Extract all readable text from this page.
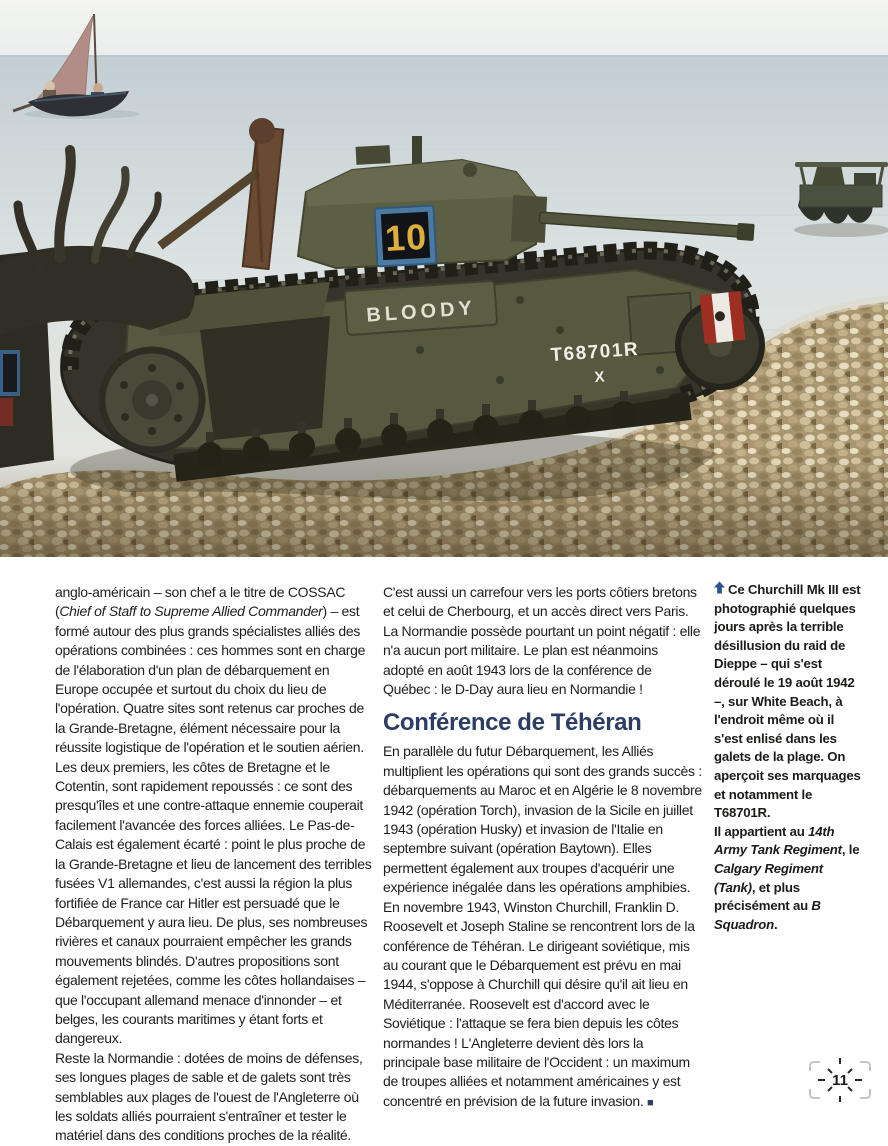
10
BLOODY
T68701R
X

anglo-américain – son chef a le titre de COSSAC (Chief of Staff to Supreme Allied Commander) – est formé autour des plus grands spécialistes alliés des opérations combinées : ces hommes sont en charge de l'élaboration d'un plan de débarquement en Europe occupée et surtout du choix du lieu de l'opération. Quatre sites sont retenus car proches de la Grande-Bretagne, élément nécessaire pour la réussite logistique de l'opération et le soutien aérien. Les deux premiers, les côtes de Bretagne et le Cotentin, sont rapidement repoussés : ce sont des presqu'îles et une contre-attaque ennemie couperait facilement l'avancée des forces alliées. Le Pas-de-Calais est également écarté : point le plus proche de la Grande-Bretagne et lieu de lancement des terribles fusées V1 allemandes, c'est aussi la région la plus fortifiée de France car Hitler est persuadé que le Débarquement y aura lieu. De plus, ses nombreuses rivières et canaux pourraient empêcher les grands mouvements blindés. D'autres propositions sont également rejetées, comme les côtes hollandaises – que l'occupant allemand menace d'innonder – et belges, les courants maritimes y étant forts et dangereux.

Reste la Normandie : dotées de moins de défenses, ses longues plages de sable et de galets sont très semblables aux plages de l'ouest de l'Angleterre où les soldats alliés pourraient s'entraîner et tester le matériel dans des conditions proches de la réalité.

C'est aussi un carrefour vers les ports côtiers bretons et celui de Cherbourg, et un accès direct vers Paris. La Normandie possède pourtant un point négatif : elle n'a aucun port militaire. Le plan est néanmoins adopté en août 1943 lors de la conférence de Québec : le D-Day aura lieu en Normandie !

Conférence de Téhéran

En parallèle du futur Débarquement, les Alliés multiplient les opérations qui sont des grands succès : débarquements au Maroc et en Algérie le 8 novembre 1942 (opération Torch), invasion de la Sicile en juillet 1943 (opération Husky) et invasion de l'Italie en septembre suivant (opération Baytown). Elles permettent également aux troupes d'acquérir une expérience inégalée dans les opérations amphibies. En novembre 1943, Winston Churchill, Franklin D. Roosevelt et Joseph Staline se rencontrent lors de la conférence de Téhéran. Le dirigeant soviétique, mis au courant que le Débarquement est prévu en mai 1944, s'oppose à Churchill qui désire qu'il ait lieu en Méditerranée. Roosevelt est d'accord avec le Soviétique : l'attaque se fera bien depuis les côtes normandes ! L'Angleterre devient dès lors la principale base militaire de l'Occident : un maximum de troupes alliées et notamment américaines y est concentré en prévision de la future invasion. ■

Ce Churchill Mk III est photographié quelques jours après la terrible désillusion du raid de Dieppe – qui s'est déroulé le 19 août 1942 –, sur White Beach, à l'endroit même où il s'est enlisé dans les galets de la plage. On aperçoit ses marquages et notamment le T68701R.

Il appartient au 14th Army Tank Regiment, le Calgary Regiment (Tank), et plus précisément au B Squadron.

11
